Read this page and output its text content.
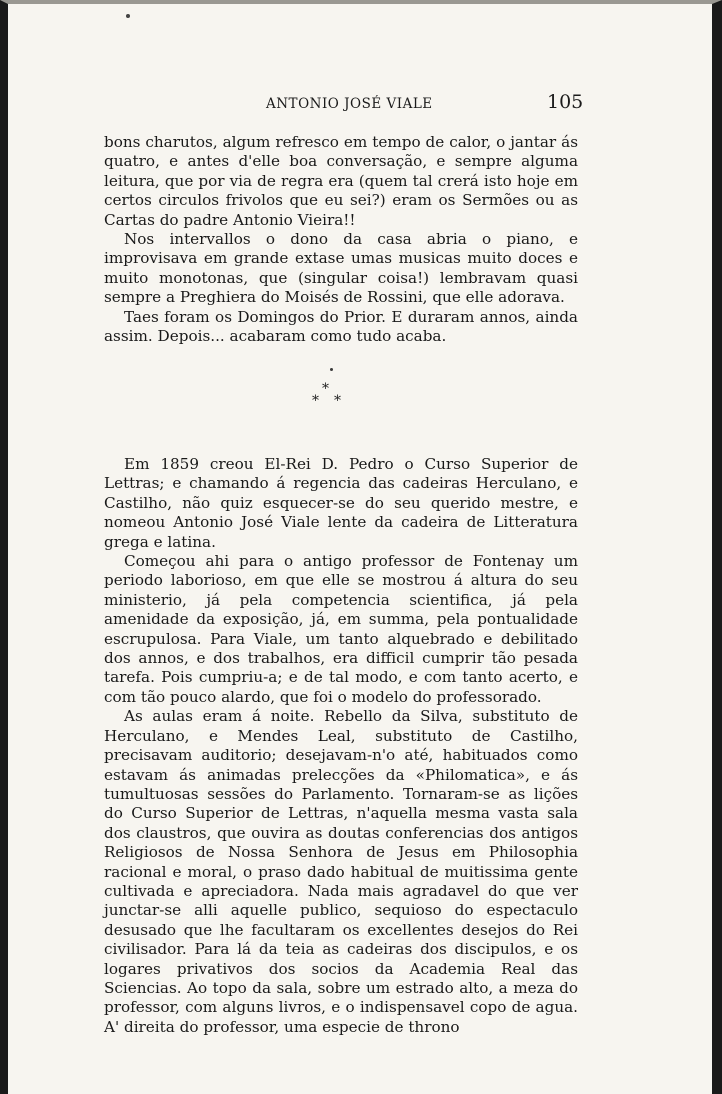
ANTONIO JOSÉ VIALE	105

bons charutos, algum refresco em tempo de calor, o jantar ás quatro, e antes d'elle boa conversação, e sempre alguma leitura, que por via de regra era (quem tal crerá isto hoje em certos circulos frivolos que eu sei?) eram os Sermões ou as Cartas do padre Antonio Vieira!!

Nos intervallos o dono da casa abria o piano, e improvisava em grande extase umas musicas muito doces e muito monotonas, que (singular coisa!) lembravam quasi sempre a Preghiera do Moisés de Rossini, que elle adorava.

Taes foram os Domingos do Prior. E duraram annos, ainda assim. Depois... acabaram como tudo acaba.

*
* *

Em 1859 creou El-Rei D. Pedro o Curso Superior de Lettras; e chamando á regencia das cadeiras Herculano, e Castilho, não quiz esquecer-se do seu querido mestre, e nomeou Antonio José Viale lente da cadeira de Litteratura grega e latina.

Começou ahi para o antigo professor de Fontenay um periodo laborioso, em que elle se mostrou á altura do seu ministerio, já pela competencia scientifica, já pela amenidade da exposição, já, em summa, pela pontualidade escrupulosa. Para Viale, um tanto alquebrado e debilitado dos annos, e dos trabalhos, era difficil cumprir tão pesada tarefa. Pois cumpriu-a; e de tal modo, e com tanto acerto, e com tão pouco alardo, que foi o modelo do professorado.

As aulas eram á noite. Rebello da Silva, substituto de Herculano, e Mendes Leal, substituto de Castilho, precisavam auditorio; desejavam-n'o até, habituados como estavam ás animadas prelecções da «Philomatica», e ás tumultuosas sessões do Parlamento. Tornaram-se as lições do Curso Superior de Lettras, n'aquella mesma vasta sala dos claustros, que ouvira as doutas conferencias dos antigos Religiosos de Nossa Senhora de Jesus em Philosophia racional e moral, o praso dado habitual de muitissima gente cultivada e apreciadora. Nada mais agradavel do que ver junctar-se alli aquelle publico, sequioso do espectaculo desusado que lhe facultaram os excellentes desejos do Rei civilisador. Para lá da teia as cadeiras dos discipulos, e os logares privativos dos socios da Academia Real das Sciencias. Ao topo da sala, sobre um estrado alto, a meza do professor, com alguns livros, e o indispensavel copo de agua. A' direita do professor, uma especie de throno
